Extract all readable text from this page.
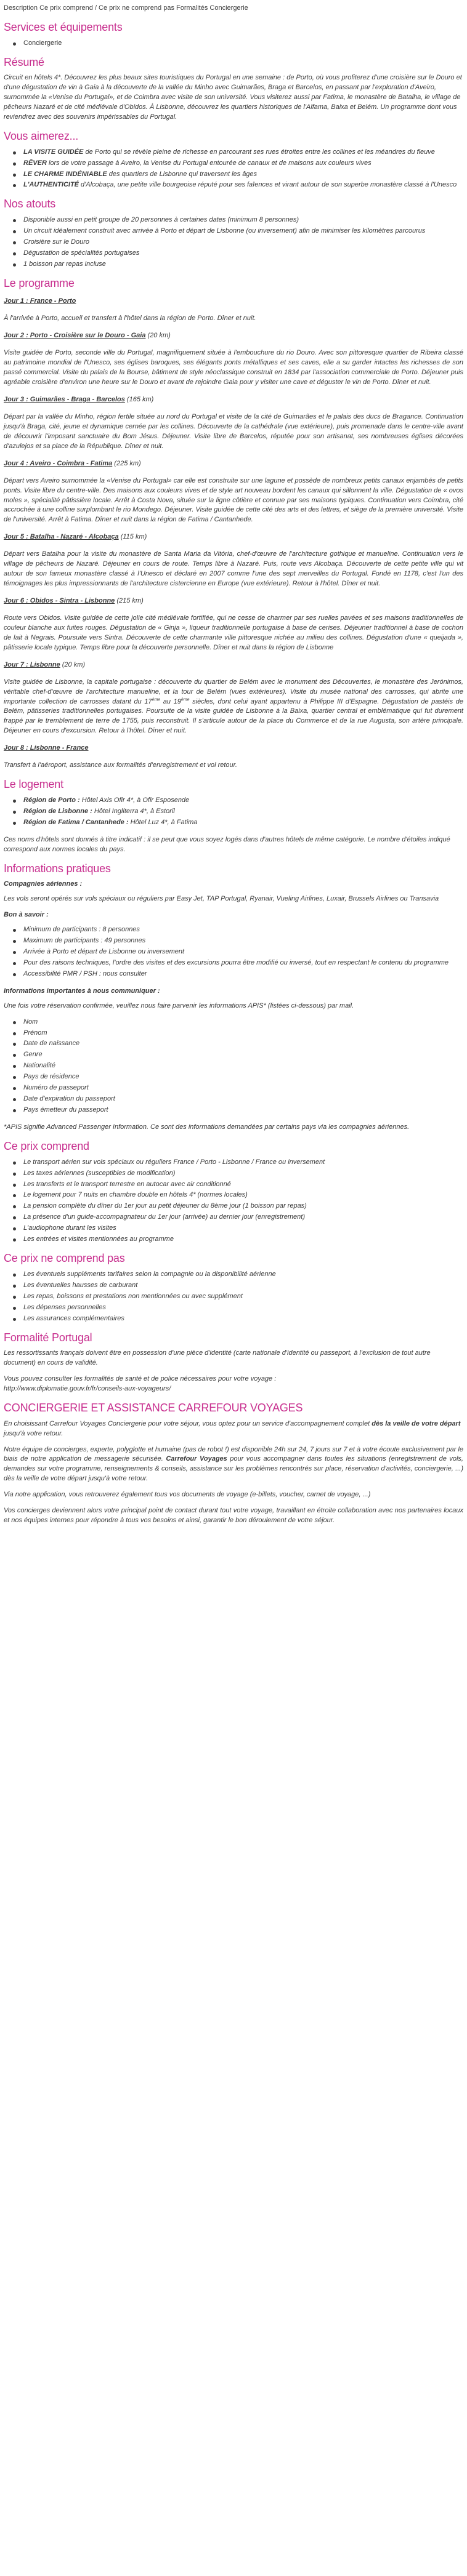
Description Ce prix comprend / Ce prix ne comprend pas Formalités Conciergerie
Services et équipements
Conciergerie
Résumé

Circuit en hôtels 4*. Découvrez les plus beaux sites touristiques du Portugal en une semaine : de Porto, où vous profiterez d'une croisière sur le Douro et d'une dégustation de vin à Gaia à la découverte de la vallée du Minho avec Guimarães, Braga et Barcelos, en passant par l'exploration d'Aveiro, surnommée la «Venise du Portugal», et de Coimbra avec visite de son université. Vous visiterez aussi par Fatima, le monastère de Batalha, le village de pêcheurs Nazaré et de cité médiévale d'Obidos. À Lisbonne, découvrez les quartiers historiques de l'Alfama, Baixa et Belém. Un programme dont vous reviendrez avec des souvenirs impérissables du Portugal.

Vous aimerez...
LA VISITE GUIDÉE de Porto qui se révèle pleine de richesse en parcourant ses rues étroites entre les collines et les méandres du fleuve
RÊVER lors de votre passage à Aveiro, la Venise du Portugal entourée de canaux et de maisons aux couleurs vives
LE CHARME INDÉNIABLE des quartiers de Lisbonne qui traversent les âges
L'AUTHENTICITÉ d'Alcobaça, une petite ville bourgeoise réputé pour ses faïences et virant autour de son superbe monastère classé à l'Unesco
Nos atouts
Disponible aussi en petit groupe de 20 personnes à certaines dates (minimum 8 personnes)
Un circuit idéalement construit avec arrivée à Porto et départ de Lisbonne (ou inversement) afin de minimiser les kilomètres parcourus
Croisière sur le Douro
Dégustation de spécialités portugaises
1 boisson par repas incluse
Le programme

Jour 1 : France - Porto

À l'arrivée à Porto, accueil et transfert à l'hôtel dans la région de Porto. Dîner et nuit.

Jour 2 : Porto - Croisière sur le Douro - Gaia (20 km)

Visite guidée de Porto, seconde ville du Portugal, magnifiquement située à l'embouchure du rio Douro. Avec son pittoresque quartier de Ribeira classé au patrimoine mondial de l'Unesco, ses églises baroques, ses élégants ponts métalliques et ses caves, elle a su garder intactes les richesses de son passé commercial. Visite du palais de la Bourse, bâtiment de style néoclassique construit en 1834 par l'association commerciale de Porto. Déjeuner puis agréable croisière d'environ une heure sur le Douro et avant de rejoindre Gaia pour y visiter une cave et déguster le vin de Porto. Dîner et nuit.

Jour 3 : Guimarães - Braga - Barcelos (165 km)

Départ par la vallée du Minho, région fertile située au nord du Portugal et visite de la cité de Guimarães et le palais des ducs de Bragance. Continuation jusqu'à Braga, cité, jeune et dynamique cernée par les collines. Découverte de la cathédrale (vue extérieure), puis promenade dans le centre-ville avant de découvrir l'imposant sanctuaire du Bom Jésus. Déjeuner. Visite libre de Barcelos, réputée pour son artisanat, ses nombreuses églises décorées d'azulejos et sa place de la République. Dîner et nuit.

Jour 4 : Aveiro - Coimbra - Fatima (225 km)

Départ vers Aveiro surnommée la «Venise du Portugal» car elle est construite sur une lagune et possède de nombreux petits canaux enjambés de petits ponts. Visite libre du centre-ville. Des maisons aux couleurs vives et de style art nouveau bordent les canaux qui sillonnent la ville. Dégustation de « ovos moles », spécialité pâtissière locale. Arrêt à Costa Nova, située sur la ligne côtière et connue par ses maisons typiques. Continuation vers Coimbra, cité accrochée à une colline surplombant le rio Mondego. Déjeuner. Visite guidée de cette cité des arts et des lettres, et siège de la première université. Visite de l'université. Arrêt à Fatima. Dîner et nuit dans la région de Fatima / Cantanhede.

Jour 5 : Batalha - Nazaré - Alcobaça (115 km)

Départ vers Batalha pour la visite du monastère de Santa Maria da Vitória, chef-d'œuvre de l'architecture gothique et manueline. Continuation vers le village de pêcheurs de Nazaré. Déjeuner en cours de route. Temps libre à Nazaré. Puis, route vers Alcobaça. Découverte de cette petite ville qui vit autour de son fameux monastère classé à l'Unesco et déclaré en 2007 comme l'une des sept merveilles du Portugal. Fondé en 1178, c'est l'un des témoignages les plus impressionnants de l'architecture cistercienne en Europe (vue extérieure). Retour à l'hôtel. Dîner et nuit.

Jour 6 : Obidos - Sintra - Lisbonne (215 km)

Route vers Obidos. Visite guidée de cette jolie cité médiévale fortifiée, qui ne cesse de charmer par ses ruelles pavées et ses maisons traditionnelles de couleur blanche aux fuites rouges. Dégustation de « Ginja », liqueur traditionnelle portugaise à base de cerises. Déjeuner traditionnel à base de cochon de lait à Negrais. Poursuite vers Sintra. Découverte de cette charmante ville pittoresque nichée au milieu des collines. Dégustation d'une « queijada », pâtisserie locale typique. Temps libre pour la découverte personnelle. Dîner et nuit dans la région de Lisbonne

Jour 7 : Lisbonne (20 km)

Visite guidée de Lisbonne, la capitale portugaise : découverte du quartier de Belém avec le monument des Découvertes, le monastère des Jerónimos, véritable chef-d'œuvre de l'architecture manueline, et la tour de Belém (vues extérieures). Visite du musée national des carrosses, qui abrite une importante collection de carrosses datant du 17ème au 19ème siècles, dont celui ayant appartenu à Philippe III d'Espagne. Dégustation de pastéis de Belém, pâtisseries traditionnelles portugaises. Poursuite de la visite guidée de Lisbonne à la Baixa, quartier central et emblématique qui fut durement frappé par le tremblement de terre de 1755, puis reconstruit. Il s'articule autour de la place du Commerce et de la rue Augusta, son artère principale. Déjeuner en cours d'excursion. Retour à l'hôtel. Dîner et nuit.

Jour 8 : Lisbonne - France

Transfert à l'aéroport, assistance aux formalités d'enregistrement et vol retour.

Le logement
Région de Porto : Hôtel Axis Ofir 4*, à Ofir Esposende
Région de Lisbonne : Hôtel Ingliterra 4*, à Estoril
Région de Fatima / Cantanhede : Hôtel Luz 4*, à Fatima

Ces noms d'hôtels sont donnés à titre indicatif : il se peut que vous soyez logés dans d'autres hôtels de même catégorie. Le nombre d'étoiles indiqué correspond aux normes locales du pays.

Informations pratiques

Compagnies aériennes :

Les vols seront opérés sur vols spéciaux ou réguliers par Easy Jet, TAP Portugal, Ryanair, Vueling Airlines, Luxair, Brussels Airlines ou Transavia

Bon à savoir :

Minimum de participants : 8 personnes
Maximum de participants : 49 personnes
Arrivée à Porto et départ de Lisbonne ou inversement
Pour des raisons techniques, l'ordre des visites et des excursions pourra être modifié ou inversé, tout en respectant le contenu du programme
Accessibilité PMR / PSH : nous consulter

Informations importantes à nous communiquer :

Une fois votre réservation confirmée, veuillez nous faire parvenir les informations APIS* (listées ci-dessous) par mail.

Nom
Prénom
Date de naissance
Genre
Nationalité
Pays de résidence
Numéro de passeport
Date d'expiration du passeport
Pays émetteur du passeport

*APIS signifie Advanced Passenger Information. Ce sont des informations demandées par certains pays via les compagnies aériennes.

Ce prix comprend
Le transport aérien sur vols spéciaux ou réguliers France / Porto - Lisbonne / France ou inversement
Les taxes aériennes (susceptibles de modification)
Les transferts et le transport terrestre en autocar avec air conditionné
Le logement pour 7 nuits en chambre double en hôtels 4* (normes locales)
La pension complète du dîner du 1er jour au petit déjeuner du 8ème jour (1 boisson par repas)
La présence d'un guide-accompagnateur du 1er jour (arrivée) au dernier jour (enregistrement)
L'audiophone durant les visites
Les entrées et visites mentionnées au programme
Ce prix ne comprend pas
Les éventuels suppléments tarifaires selon la compagnie ou la disponibilité aérienne
Les éventuelles hausses de carburant
Les repas, boissons et prestations non mentionnées ou avec supplément
Les dépenses personnelles
Les assurances complémentaires
Formalité Portugal

Les ressortissants français doivent être en possession d'une pièce d'identité (carte nationale d'identité ou passeport, à l'exclusion de tout autre document) en cours de validité.

Vous pouvez consulter les formalités de santé et de police nécessaires pour votre voyage :

http://www.diplomatie.gouv.fr/fr/conseils-aux-voyageurs/

CONCIERGERIE ET ASSISTANCE CARREFOUR VOYAGES

En choisissant Carrefour Voyages Conciergerie pour votre séjour, vous optez pour un service d'accompagnement complet dès la veille de votre départ jusqu'à votre retour.

Notre équipe de concierges, experte, polyglotte et humaine (pas de robot !) est disponible 24h sur 24, 7 jours sur 7 et à votre écoute exclusivement par le biais de notre application de messagerie sécurisée. Carrefour Voyages pour vous accompagner dans toutes les situations (enregistrement de vols, demandes sur votre programme, renseignements & conseils, assistance sur les problèmes rencontrés sur place, réservation d'activités, conciergerie, ...) dès la veille de votre départ jusqu'à votre retour.

Via notre application, vous retrouverez également tous vos documents de voyage (e-billets, voucher, carnet de voyage, ...)

Vos concierges deviennent alors votre principal point de contact durant tout votre voyage, travaillant en étroite collaboration avec nos partenaires locaux et nos équipes internes pour répondre à tous vos besoins et ainsi, garantir le bon déroulement de votre séjour.
